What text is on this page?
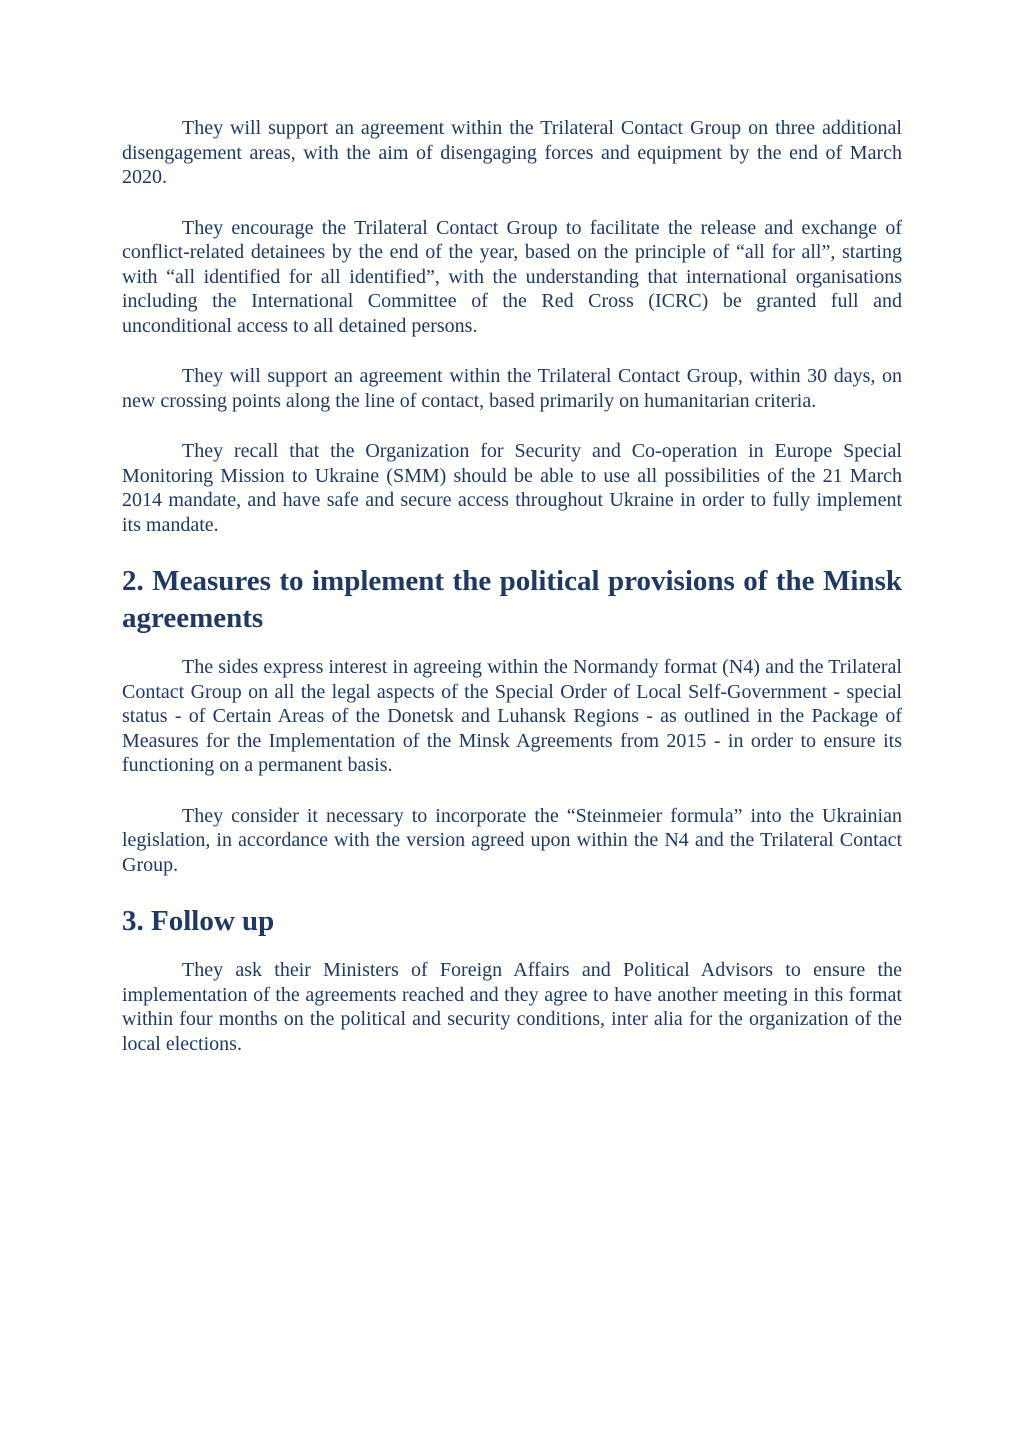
They will support an agreement within the Trilateral Contact Group on three additional disengagement areas, with the aim of disengaging forces and equipment by the end of March 2020.

They encourage the Trilateral Contact Group to facilitate the release and exchange of conflict-related detainees by the end of the year, based on the principle of “all for all”, starting with “all identified for all identified”, with the understanding that international organisations including the International Committee of the Red Cross (ICRC) be granted full and unconditional access to all detained persons.

They will support an agreement within the Trilateral Contact Group, within 30 days, on new crossing points along the line of contact, based primarily on humanitarian criteria.

They recall that the Organization for Security and Co-operation in Europe Special Monitoring Mission to Ukraine (SMM) should be able to use all possibilities of the 21 March 2014 mandate, and have safe and secure access throughout Ukraine in order to fully implement its mandate.

2. Measures to implement the political provisions of the Minsk agreements

The sides express interest in agreeing within the Normandy format (N4) and the Trilateral Contact Group on all the legal aspects of the Special Order of Local Self-Government - special status - of Certain Areas of the Donetsk and Luhansk Regions - as outlined in the Package of Measures for the Implementation of the Minsk Agreements from 2015 - in order to ensure its functioning on a permanent basis.

They consider it necessary to incorporate the “Steinmeier formula” into the Ukrainian legislation, in accordance with the version agreed upon within the N4 and the Trilateral Contact Group.

3. Follow up

They ask their Ministers of Foreign Affairs and Political Advisors to ensure the implementation of the agreements reached and they agree to have another meeting in this format within four months on the political and security conditions, inter alia for the organization of the local elections.
